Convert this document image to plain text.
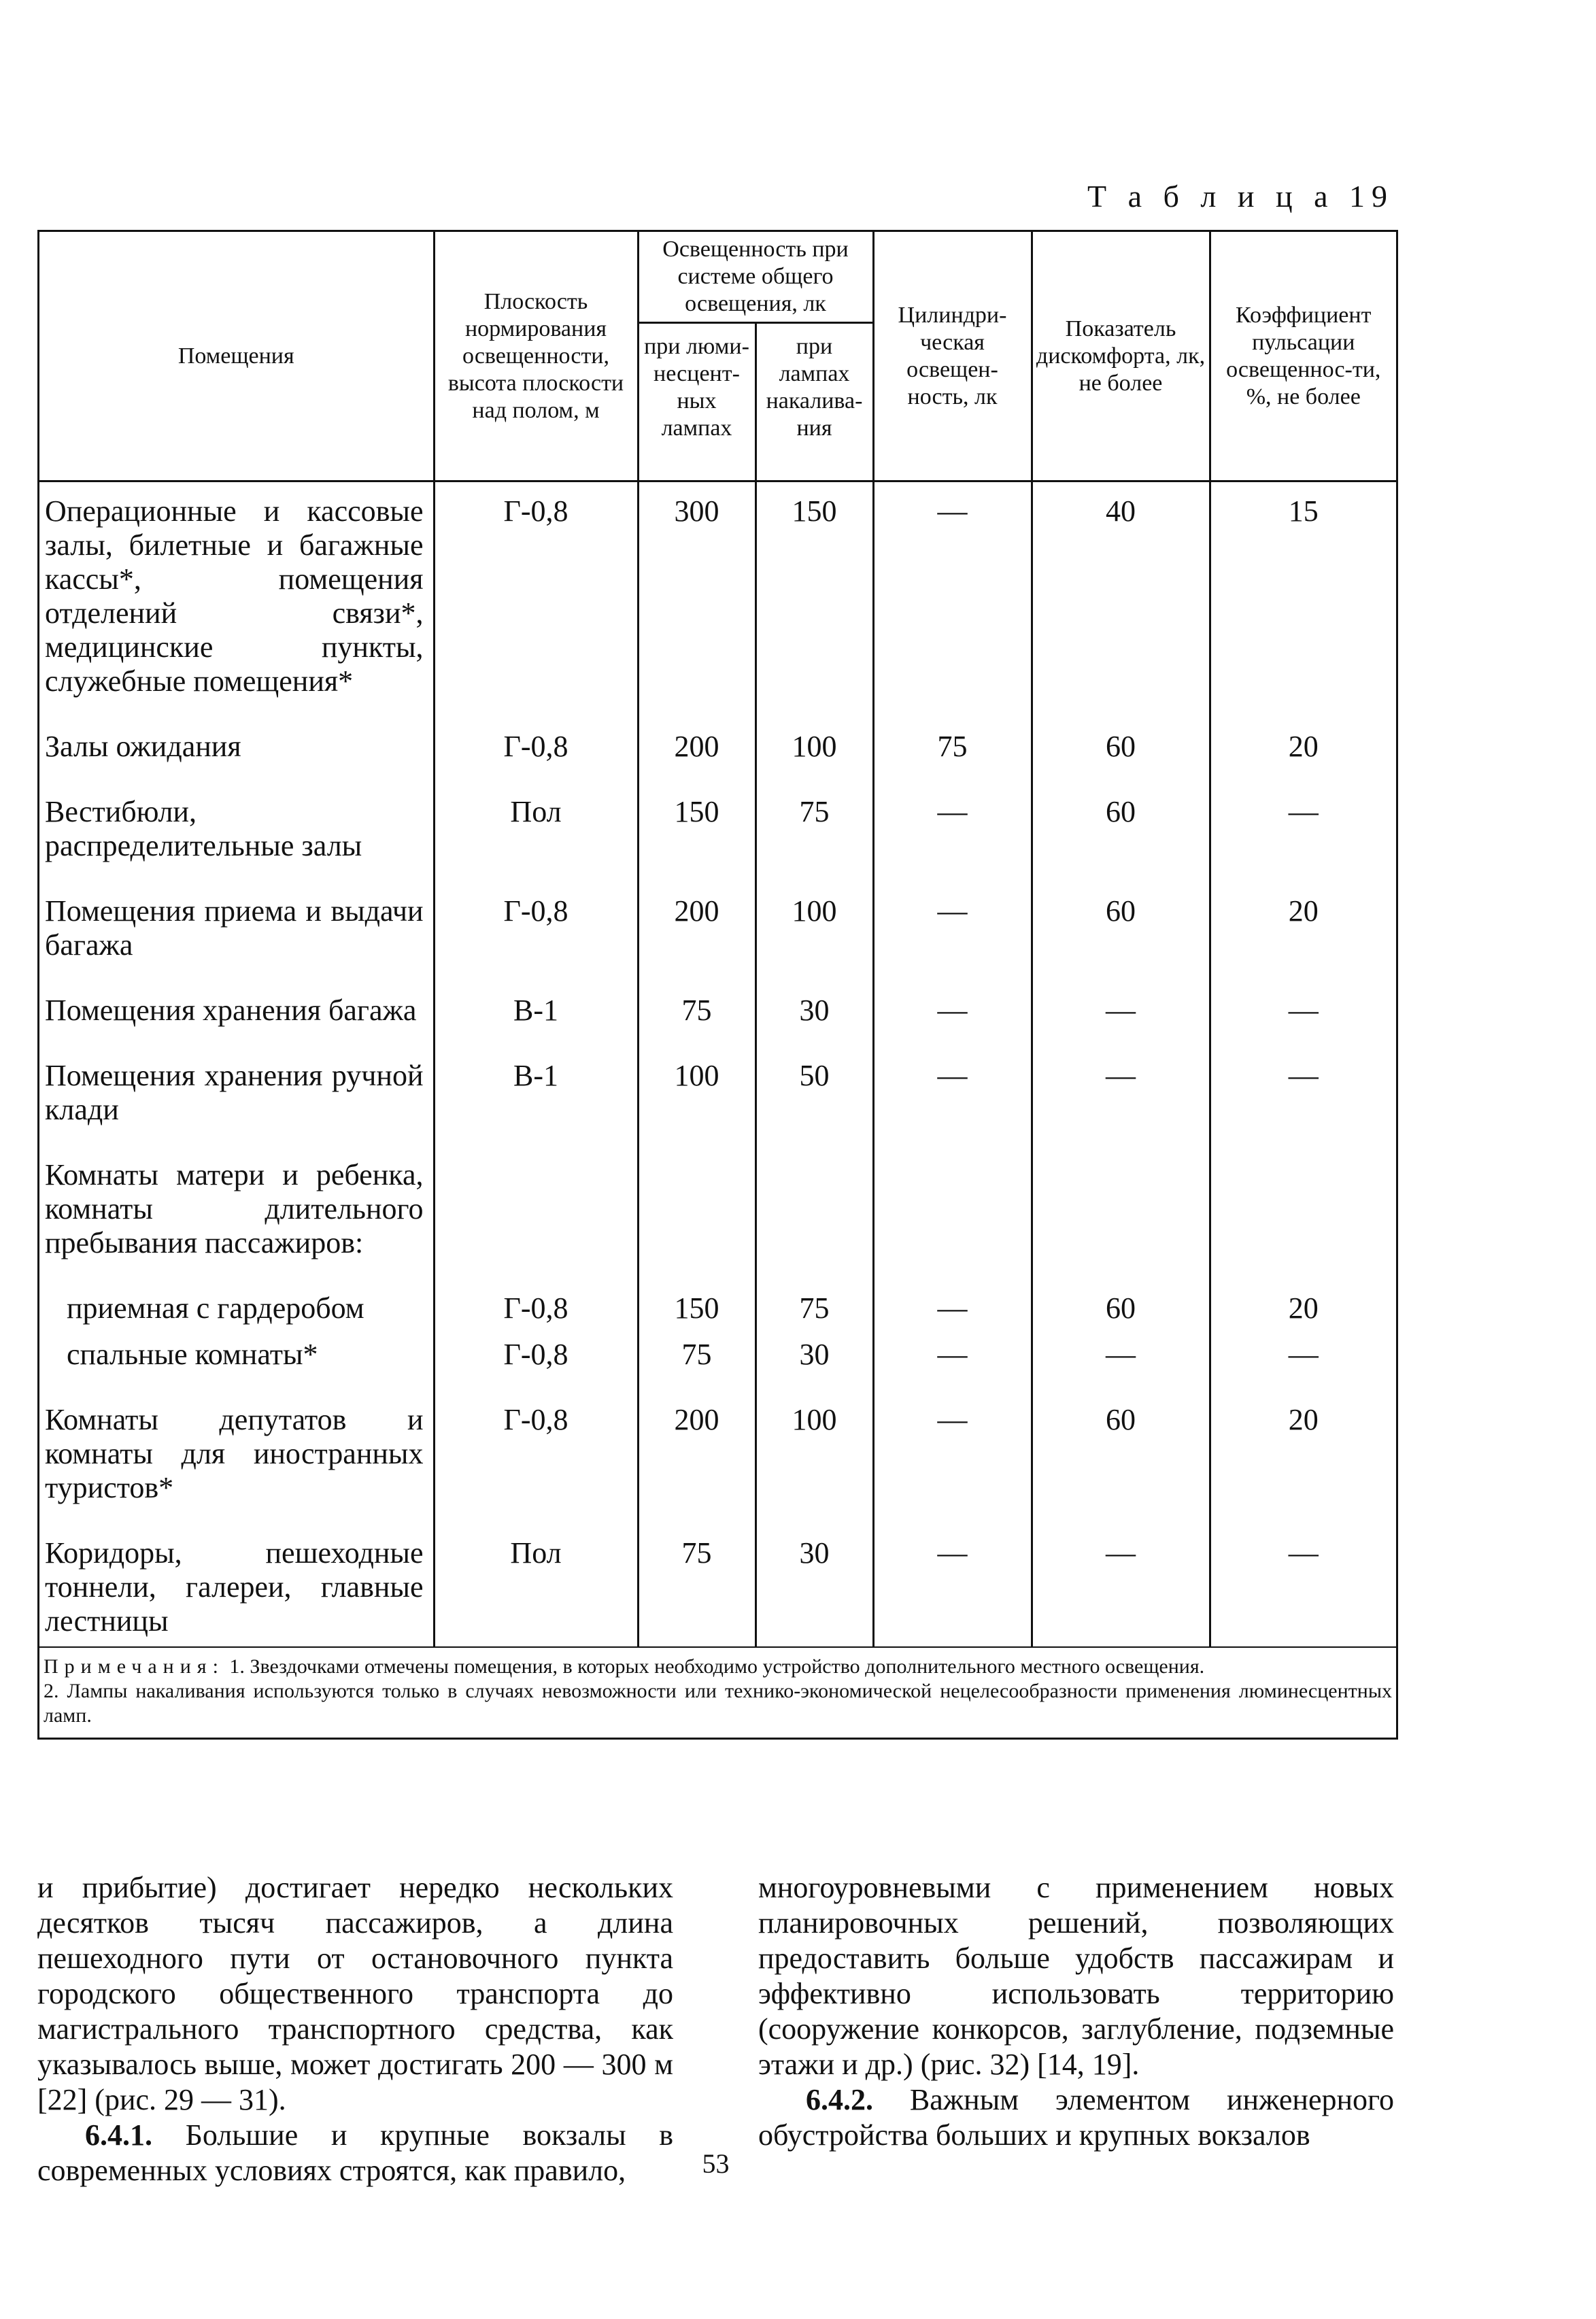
Т а б л и ц а 19
Помещения	Плоскость нормирования освещенности, высота плоскости над полом, м	Освещенность при системе общего освещения, лк		Цилиндри-ческая освещен-ность, лк	Показатель дискомфорта, лк, не более	Коэффициент пульсации освещеннос-ти, %, не более
		при люми-несцент-ных лампах	при лампах накалива-ния			
Операционные и кассовые залы, билетные и багажные кассы*, помещения отделений связи*, медицинские пункты, служебные помещения*	Г-0,8	300	150	—	40	15
Залы ожидания	Г-0,8	200	100	75	60	20
Вестибюли, распределительные залы	Пол	150	75	—	60	—
Помещения приема и выдачи багажа	Г-0,8	200	100	—	60	20
Помещения хранения багажа	В-1	75	30	—	—	—
Помещения хранения ручной клади	В-1	100	50	—	—	—
Комнаты матери и ребенка, комнаты длительного пребывания пассажиров:						
приемная с гардеробом	Г-0,8	150	75	—	60	20
спальные комнаты*	Г-0,8	75	30	—	—	—
Комнаты депутатов и комнаты для иностранных туристов*	Г-0,8	200	100	—	60	20
Коридоры, пешеходные тоннели, галереи, главные лестницы	Пол	75	30	—	—	—
Примечания: 1. Звездочками отмечены помещения, в которых необходимо устройство дополнительного местного освещения.
2. Лампы накаливания используются только в случаях невозможности или технико-экономической нецелесообразности применения люминесцентных ламп.

и прибытие) достигает нередко нескольких десятков тысяч пассажиров, а длина пешеходного пути от остановочного пункта городского общественного транспорта до магистрального транспортного средства, как указывалось выше, может достигать 200 — 300 м [22] (рис. 29 — 31).

6.4.1. Большие и крупные вокзалы в современных условиях строятся, как правило,

многоуровневыми с применением новых планировочных решений, позволяющих предоставить больше удобств пассажирам и эффективно использовать территорию (сооружение конкорсов, заглубление, подземные этажи и др.) (рис. 32) [14, 19].

6.4.2. Важным элементом инженерного обустройства больших и крупных вокзалов

53
